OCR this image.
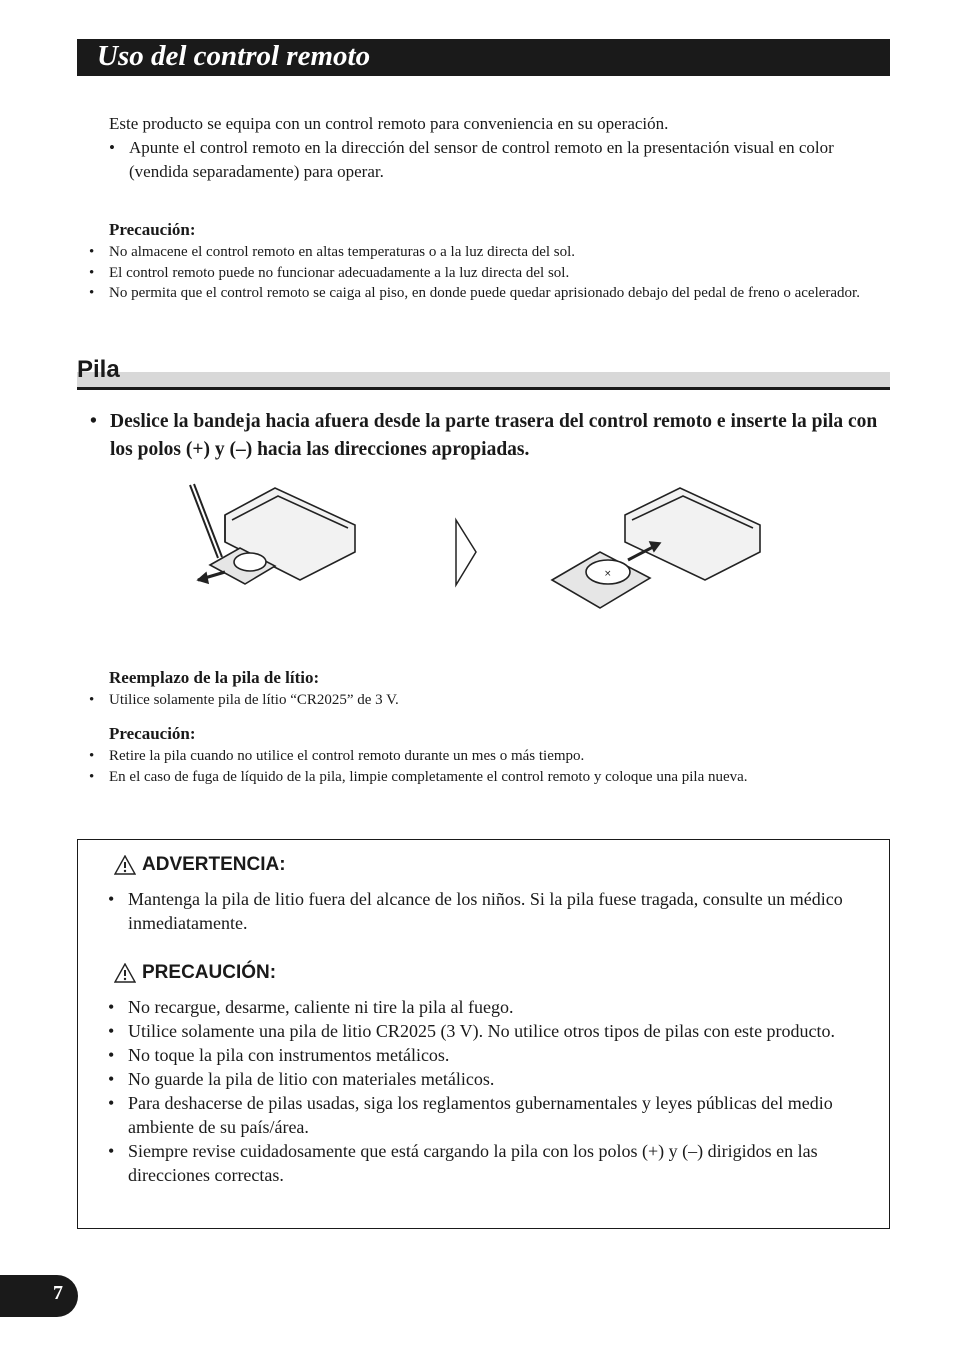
Uso del control remoto

Este producto se equipa con un control remoto para conveniencia en su operación.

• Apunte el control remoto en la dirección del sensor de control remoto en la presentación visual en color (vendida separadamente) para operar.
Precaución:
• No almacene el control remoto en altas temperaturas o a la luz directa del sol.
• El control remoto puede no funcionar adecuadamente a la luz directa del sol.
• No permita que el control remoto se caiga al piso, en donde puede quedar aprisionado debajo del pedal de freno o acelerador.
Pila
• Deslice la bandeja hacia afuera desde la parte trasera del control remoto e inserte la pila con los polos (+) y (–) hacia las direcciones apropiadas.
×
Reemplazo de la pila de lítio:
• Utilice solamente pila de lítio “CR2025” de 3 V.
Precaución:
• Retire la pila cuando no utilice el control remoto durante un mes o más tiempo.
• En el caso de fuga de líquido de la pila, limpie completamente el control remoto y coloque una pila nueva.
ADVERTENCIA:
• Mantenga la pila de litio fuera del alcance de los niños. Si la pila fuese tragada, consulte un médico inmediatamente.
PRECAUCIÓN:
• No recargue, desarme, caliente ni tire la pila al fuego.
• Utilice solamente una pila de litio CR2025 (3 V). No utilice otros tipos de pilas con este producto.
• No toque la pila con instrumentos metálicos.
• No guarde la pila de litio con materiales metálicos.
• Para deshacerse de pilas usadas, siga los reglamentos gubernamentales y leyes públicas del medio ambiente de su país/área.
• Siempre revise cuidadosamente que está cargando la pila con los polos (+) y (–) dirigidos en las direcciones correctas.
7
